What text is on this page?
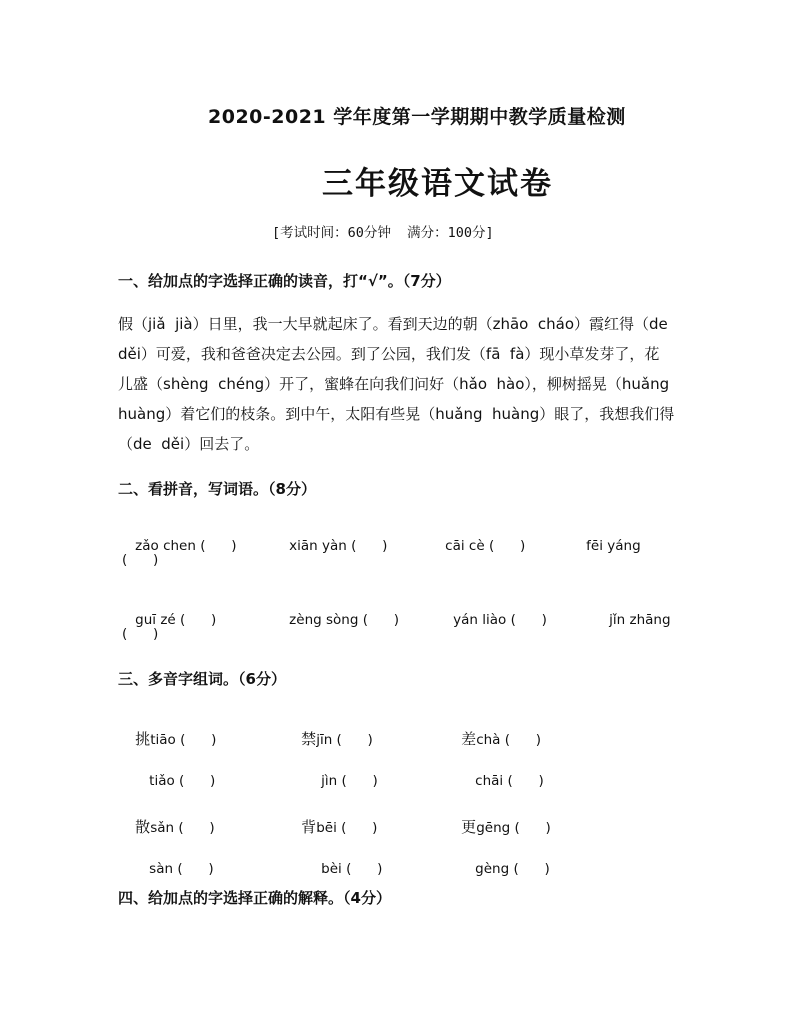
2020-2021 学年度第一学期期中教学质量检测
三年级语文试卷
[考试时间：60分钟  满分：100分]
一、给加点的字选择正确的读音，打“√”。（7分）

假（jiǎ  jià）日里，我一大早就起床了。看到天边的朝（zhāo  cháo）霞红得（de

děi）可爱，我和爸爸决定去公园。到了公园，我们发（fā  fà）现小草发芽了，花

儿盛（shèng  chéng）开了，蜜蜂在向我们问好（hǎo  hào），柳树摇晃（huǎng

huàng）着它们的枝条。到中午，太阳有些晃（huǎng  huàng）眼了，我想我们得

（de  děi）回去了。

二、看拼音，写词语。（8分）

zǎo chen (      )
	xiān yàn (      )
	cāi cè (      )
	fēi yáng

(      )

guī zé (      )
	zèng sòng (      )
	yán liào (      )
	jǐn zhāng

(      )
三、多音字组词。（6分）

挑tiāo (      )
	禁jīn (      )
	差chà (      )

tiǎo (      )
	jìn (      )
	chāi (      )

散sǎn (      )
	背bēi (      )
	更gēng (      )

sàn (      )
	bèi (      )
	gèng (      )

四、给加点的字选择正确的解释。（4分）
